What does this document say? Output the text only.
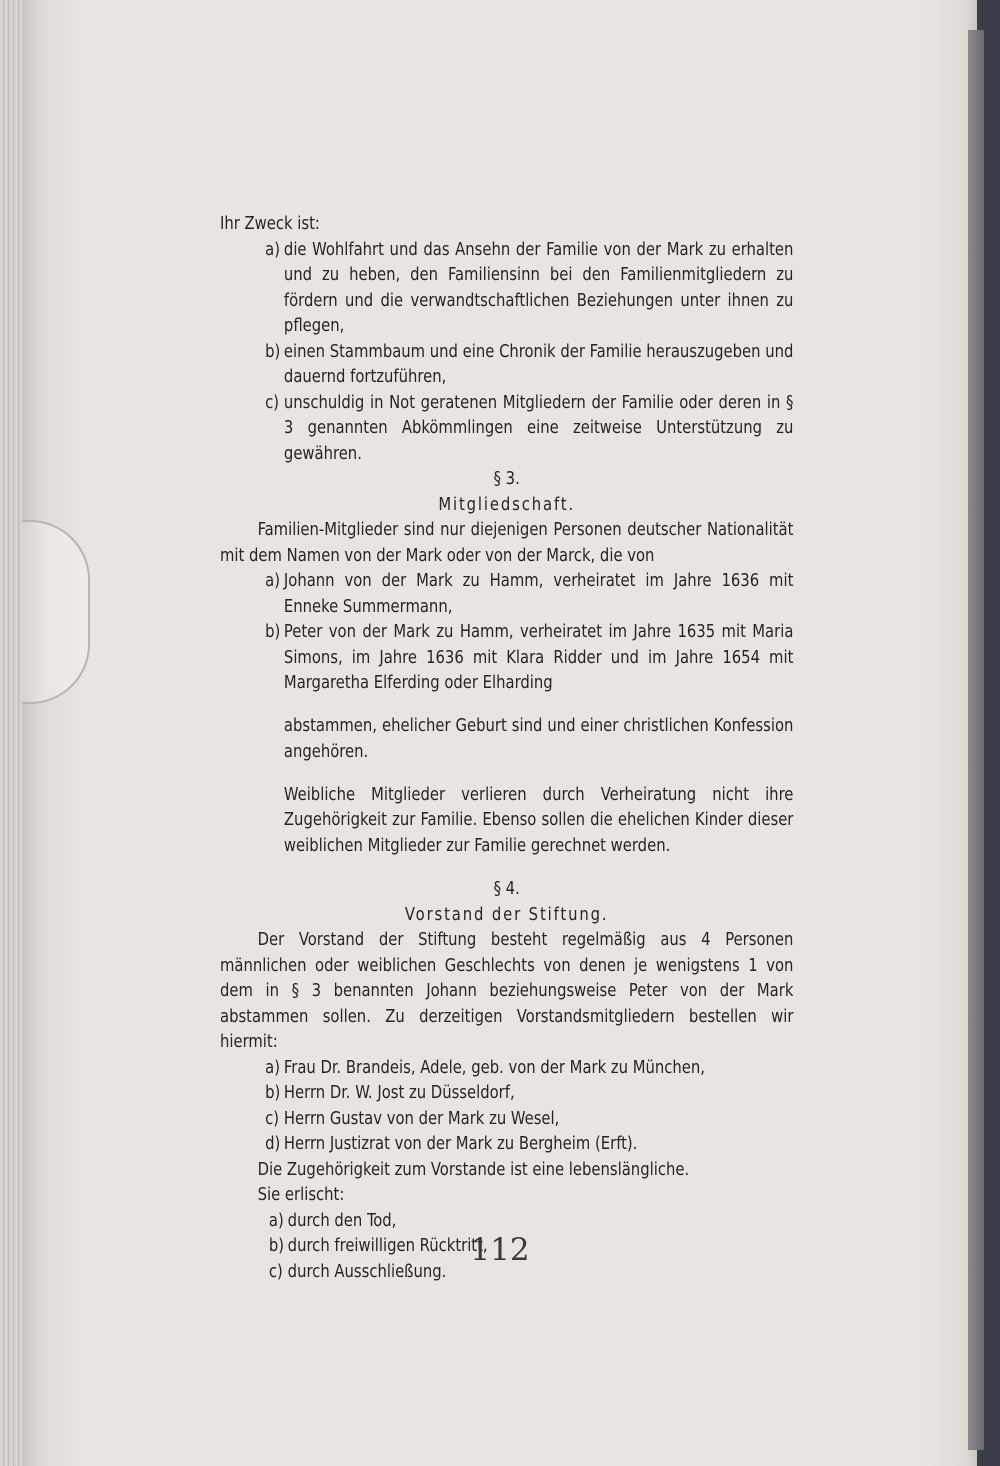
Ihr Zweck ist:

a) die Wohlfahrt und das Ansehn der Familie von der Mark zu erhalten und zu heben, den Familiensinn bei den Familienmitgliedern zu fördern und die verwandtschaftlichen Beziehungen unter ihnen zu pflegen,
b) einen Stammbaum und eine Chronik der Familie herauszugeben und dauernd fortzuführen,
c) unschuldig in Not geratenen Mitgliedern der Familie oder deren in § 3 genannten Abkömmlingen eine zeitweise Unterstützung zu gewähren.

§ 3.

Mitgliedschaft.

Familien-Mitglieder sind nur diejenigen Personen deutscher Nationalität mit dem Namen von der Mark oder von der Marck, die von

a) Johann von der Mark zu Hamm, verheiratet im Jahre 1636 mit Enneke Summermann,
b) Peter von der Mark zu Hamm, verheiratet im Jahre 1635 mit Maria Simons, im Jahre 1636 mit Klara Ridder und im Jahre 1654 mit Margaretha Elferding oder Elharding

abstammen, ehelicher Geburt sind und einer christlichen Konfession angehören.

Weibliche Mitglieder verlieren durch Verheiratung nicht ihre Zugehörigkeit zur Familie. Ebenso sollen die ehelichen Kinder dieser weiblichen Mitglieder zur Familie gerechnet werden.

§ 4.

Vorstand der Stiftung.

Der Vorstand der Stiftung besteht regelmäßig aus 4 Personen männlichen oder weiblichen Geschlechts von denen je wenigstens 1 von dem in § 3 benannten Johann beziehungsweise Peter von der Mark abstammen sollen. Zu derzeitigen Vorstandsmitgliedern bestellen wir hiermit:

a) Frau Dr. Brandeis, Adele, geb. von der Mark zu München,
b) Herrn Dr. W. Jost zu Düsseldorf,
c) Herrn Gustav von der Mark zu Wesel,
d) Herrn Justizrat von der Mark zu Bergheim (Erft).

Die Zugehörigkeit zum Vorstande ist eine lebenslängliche.

Sie erlischt:

a) durch den Tod,
b) durch freiwilligen Rücktritt,
c) durch Ausschließung.
112
